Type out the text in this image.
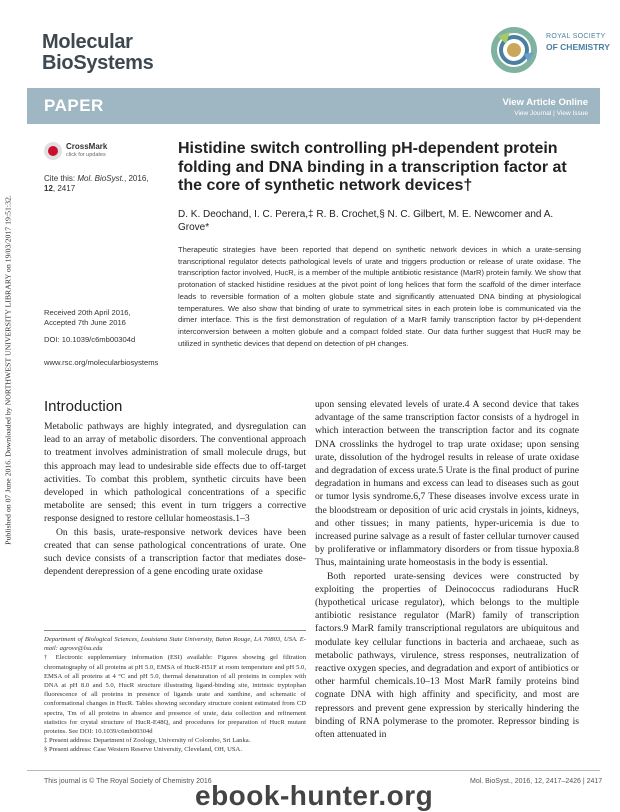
Published on 07 June 2016. Downloaded by NORTHWEST UNIVERSITY LIBRARY on 19/03/2017 19:51:32.
Molecular
BioSystems
ROYAL SOCIETY
OF CHEMISTRY
PAPER	View Article Online
View Journal | View Issue
CrossMark
click for updates
Cite this: Mol. BioSyst., 2016,
12, 2417
Histidine switch controlling pH-dependent protein folding and DNA binding in a transcription factor at the core of synthetic network devices†
D. K. Deochand, I. C. Perera,‡ R. B. Crochet,§ N. C. Gilbert, M. E. Newcomer and A. Grove*
Therapeutic strategies have been reported that depend on synthetic network devices in which a urate-sensing transcriptional regulator detects pathological levels of urate and triggers production or release of urate oxidase. The transcription factor involved, HucR, is a member of the multiple antibiotic resistance (MarR) protein family. We show that protonation of stacked histidine residues at the pivot point of long helices that form the scaffold of the dimer interface leads to reversible formation of a molten globule state and significantly attenuated DNA binding at physiological temperatures. We also show that binding of urate to symmetrical sites in each protein lobe is communicated via the dimer interface. This is the first demonstration of regulation of a MarR family transcription factor by pH-dependent interconversion between a molten globule and a compact folded state. Our data further suggest that HucR may be utilized in synthetic devices that depend on detection of pH changes.
Received 20th April 2016,
Accepted 7th June 2016
DOI: 10.1039/c6mb00304d
www.rsc.org/molecularbiosystems
Introduction

Metabolic pathways are highly integrated, and dysregulation can lead to an array of metabolic disorders. The conventional approach to treatment involves administration of small molecule drugs, but this approach may lead to undesirable side effects due to off-target activities. To combat this problem, synthetic circuits have been developed in which pathological concentrations of a specific metabolite are sensed; this event in turn triggers a corrective response designed to restore cellular homeostasis.1–3

On this basis, urate-responsive network devices have been created that can sense pathological concentrations of urate. One such device consists of a transcription factor that mediates dose-dependent derepression of a gene encoding urate oxidase

upon sensing elevated levels of urate.4 A second device that takes advantage of the same transcription factor consists of a hydrogel in which interaction between the transcription factor and its cognate DNA crosslinks the hydrogel to trap urate oxidase; upon sensing urate, dissolution of the hydrogel results in release of urate oxidase and degradation of excess urate.5 Urate is the final product of purine degradation in humans and excess can lead to diseases such as gout or tumor lysis syndrome.6,7 These diseases involve excess urate in the bloodstream or deposition of uric acid crystals in joints, kidneys, and other tissues; in many patients, hyper-uricemia is due to increased purine salvage as a result of faster cellular turnover caused by proliferative or inflammatory disorders or from tissue hypoxia.8 Thus, maintaining urate homeostasis in the body is essential.

Both reported urate-sensing devices were constructed by exploiting the properties of Deinococcus radiodurans HucR (hypothetical uricase regulator), which belongs to the multiple antibiotic resistance regulator (MarR) family of transcription factors.9 MarR family transcriptional regulators are ubiquitous and modulate key cellular functions in bacteria and archaeae, such as metabolic pathways, virulence, stress responses, neutralization of reactive oxygen species, and degradation and export of antibiotics or other harmful chemicals.10–13 Most MarR family proteins bind cognate DNA with high affinity and specificity, and most are repressors and prevent gene expression by sterically hindering the binding of RNA polymerase to the promoter. Repressor binding is often attenuated in

Department of Biological Sciences, Louisiana State University, Baton Rouge, LA 70803, USA. E-mail: agrove@lsu.edu
† Electronic supplementary information (ESI) available: Figures showing gel filtration chromatography of all proteins at pH 5.0, EMSA of HucR-H51F at room temperature and pH 5.0, EMSA of all proteins at 4 °C and pH 5.0, thermal denaturation of all proteins in complex with DNA at pH 8.0 and 5.0, HucR structure illustrating ligand-binding site, intrinsic tryptophan fluorescence of all proteins in presence of ligands urate and xanthine, and schematic of conformational changes in HucR. Tables showing secondary structure content estimated from CD spectra, Tm of all proteins in absence and presence of urate, data collection and refinement statistics for crystal structure of HucR-E48Q, and procedures for preparation of HucR mutant proteins. See DOI: 10.1039/c6mb00304d
‡ Present address: Department of Zoology, University of Colombo, Sri Lanka.
§ Present address: Case Western Reserve University, Cleveland, OH, USA.
This journal is © The Royal Society of Chemistry 2016	Mol. BioSyst., 2016, 12, 2417–2426 | 2417
ebook-hunter.org
